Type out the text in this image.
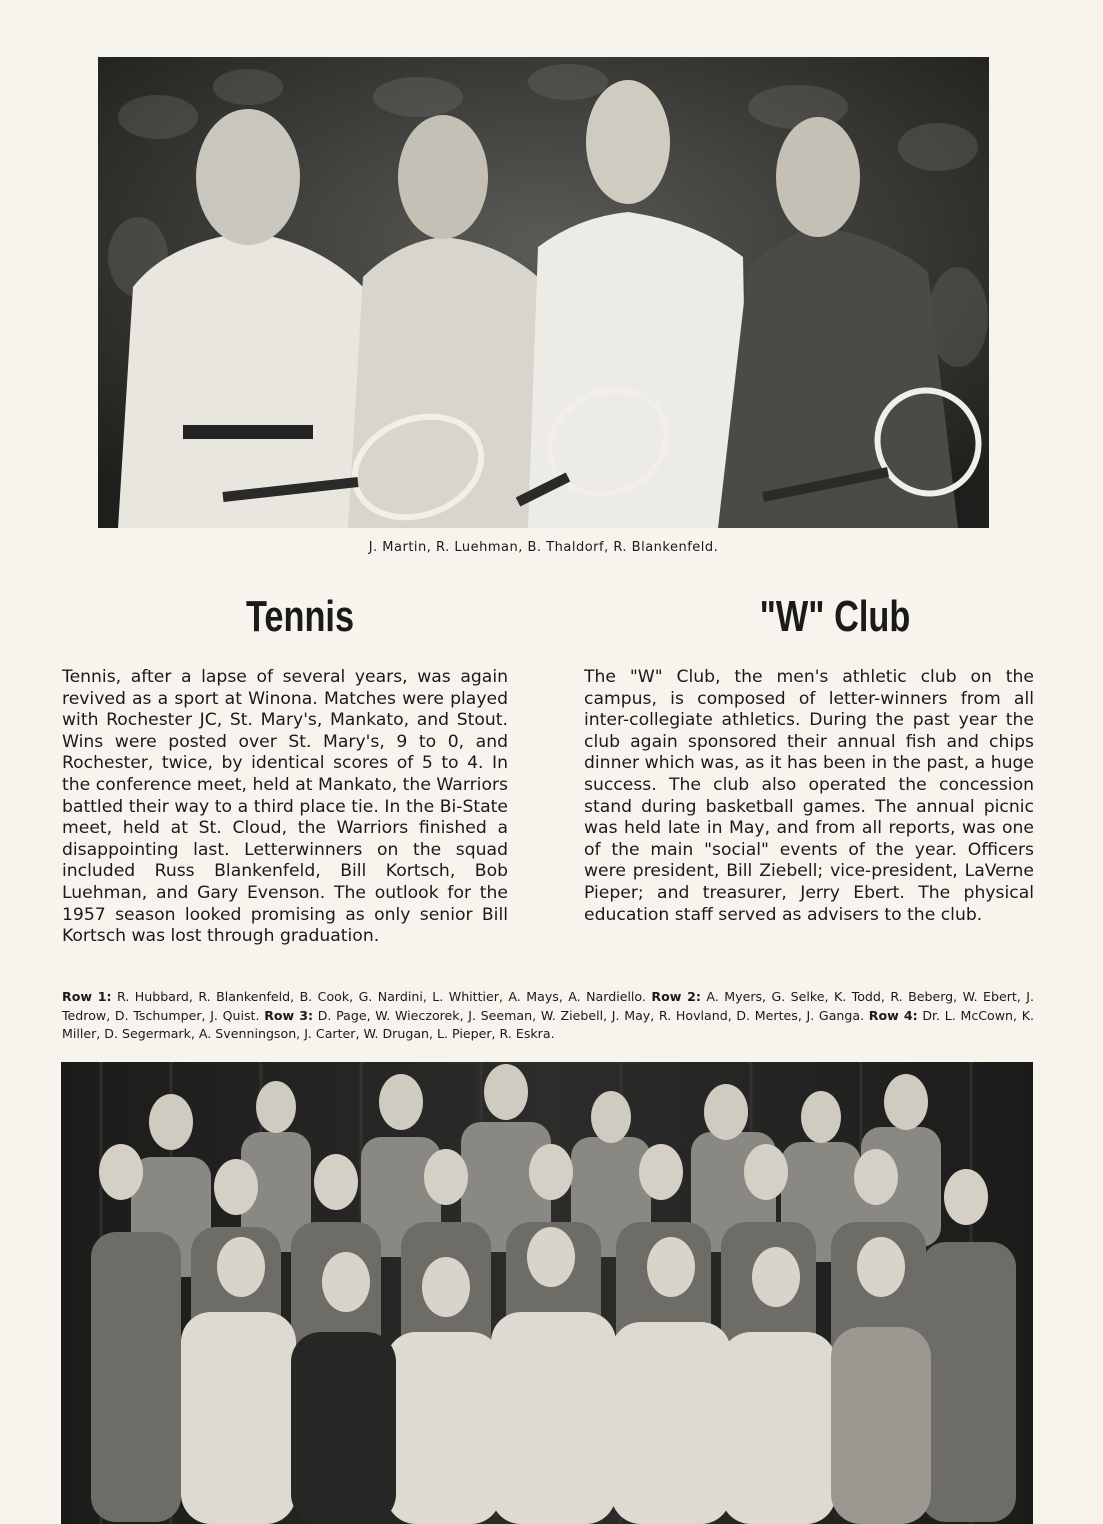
J. Martin, R. Luehman, B. Thaldorf, R. Blankenfeld.
Tennis	"W" Club
Tennis, after a lapse of several years, was again revived as a sport at Winona. Matches were played with Rochester JC, St. Mary's, Mankato, and Stout. Wins were posted over St. Mary's, 9 to 0, and Rochester, twice, by identical scores of 5 to 4. In the conference meet, held at Mankato, the Warriors battled their way to a third place tie. In the Bi-State meet, held at St. Cloud, the Warriors finished a disappointing last. Letterwinners on the squad included Russ Blankenfeld, Bill Kortsch, Bob Luehman, and Gary Evenson. The outlook for the 1957 season looked promising as only senior Bill Kortsch was lost through graduation.
The "W" Club, the men's athletic club on the campus, is composed of letter-winners from all inter-collegiate athletics. During the past year the club again sponsored their annual fish and chips dinner which was, as it has been in the past, a huge success. The club also operated the concession stand during basketball games. The annual picnic was held late in May, and from all reports, was one of the main "social" events of the year. Officers were president, Bill Ziebell; vice-president, LaVerne Pieper; and treasurer, Jerry Ebert. The physical education staff served as advisers to the club.
Row 1: R. Hubbard, R. Blankenfeld, B. Cook, G. Nardini, L. Whittier, A. Mays, A. Nardiello. Row 2: A. Myers, G. Selke, K. Todd, R. Beberg, W. Ebert, J. Tedrow, D. Tschumper, J. Quist. Row 3: D. Page, W. Wieczorek, J. Seeman, W. Ziebell, J. May, R. Hovland, D. Mertes, J. Ganga. Row 4: Dr. L. McCown, K. Miller, D. Segermark, A. Svenningson, J. Carter, W. Drugan, L. Pieper, R. Eskra.
